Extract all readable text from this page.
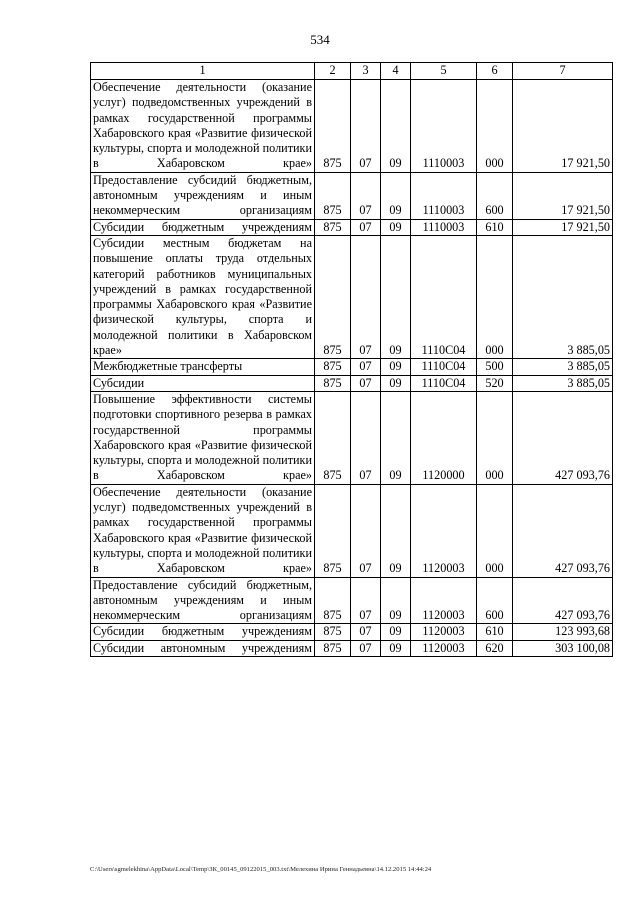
534
1	2	3	4	5	6	7
Обеспечение деятельности (оказание услуг) подведомственных учреждений в рамках государственной программы Хабаровского края «Развитие физической культуры, спорта и молодежной политики в Хабаровском крае»	875	07	09	1110003	000	17 921,50
Предоставление субсидий бюджетным, автономным учреждениям и иным некоммерческим организациям	875	07	09	1110003	600	17 921,50
Субсидии бюджетным учреждениям	875	07	09	1110003	610	17 921,50
Субсидии местным бюджетам на повышение оплаты труда отдельных категорий работников муниципальных учреждений в рамках государственной программы Хабаровского края «Развитие физической культуры, спорта и молодежной политики в Хабаровском крае»	875	07	09	1110С04	000	3 885,05
Межбюджетные трансферты	875	07	09	1110С04	500	3 885,05
Субсидии	875	07	09	1110С04	520	3 885,05
Повышение эффективности системы подготовки спортивного резерва в рамках государственной программы Хабаровского края «Развитие физической культуры, спорта и молодежной политики в Хабаровском крае»	875	07	09	1120000	000	427 093,76
Обеспечение деятельности (оказание услуг) подведомственных учреждений в рамках государственной программы Хабаровского края «Развитие физической культуры, спорта и молодежной политики в Хабаровском крае»	875	07	09	1120003	000	427 093,76
Предоставление субсидий бюджетным, автономным учреждениям и иным некоммерческим организациям	875	07	09	1120003	600	427 093,76
Субсидии бюджетным учреждениям	875	07	09	1120003	610	123 993,68
Субсидии автономным учреждениям	875	07	09	1120003	620	303 100,08
C:\Users\sgmelekhina\AppData\Local\Temp\ЗК_00145_09122015_003.txt\Мелехина Ирина Геннадьевна\14.12.2015 14:44:24
